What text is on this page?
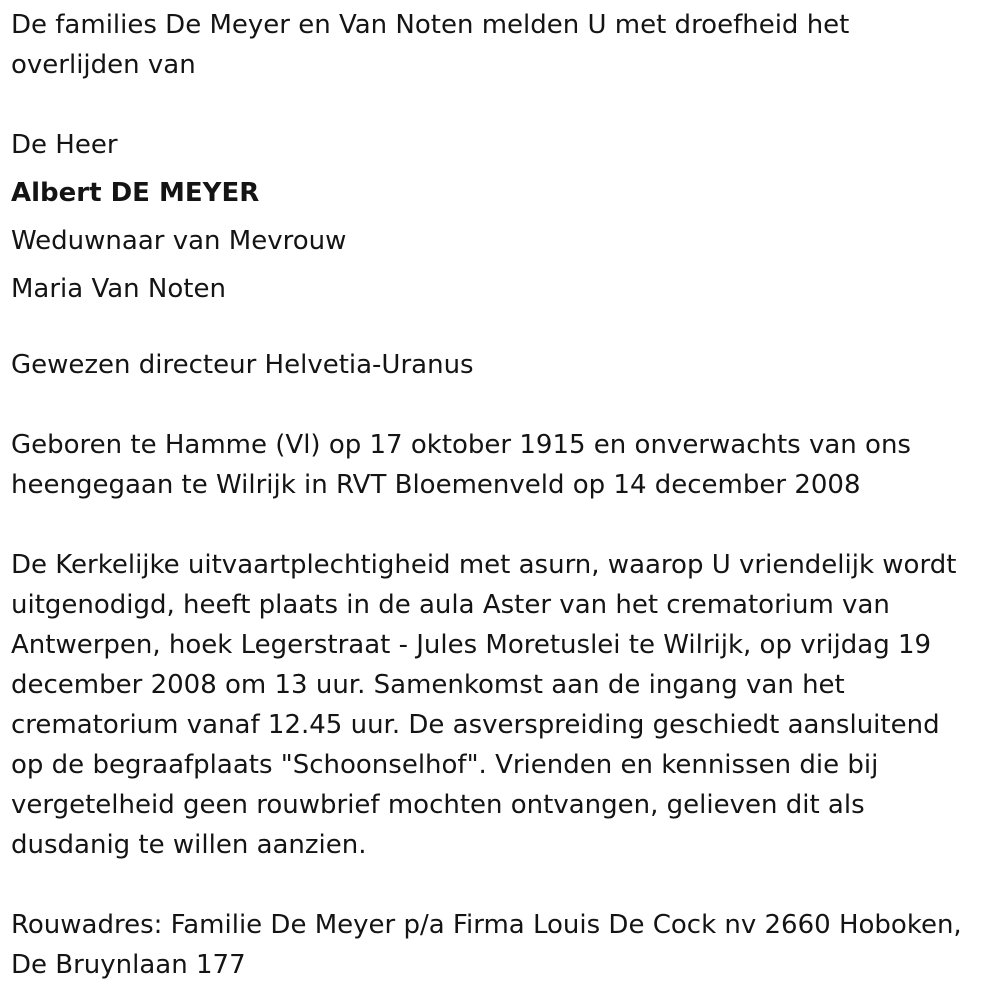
De families De Meyer en Van Noten melden U met droefheid het
overlijden van
De Heer
Albert DE MEYER
Weduwnaar van Mevrouw
Maria Van Noten
Gewezen directeur Helvetia-Uranus
Geboren te Hamme (Vl) op 17 oktober 1915 en onverwachts van ons
heengegaan te Wilrijk in RVT Bloemenveld op 14 december 2008
De Kerkelijke uitvaartplechtigheid met asurn, waarop U vriendelijk wordt
uitgenodigd, heeft plaats in de aula Aster van het crematorium van
Antwerpen, hoek Legerstraat - Jules Moretuslei te Wilrijk, op vrijdag 19
december 2008 om 13 uur. Samenkomst aan de ingang van het
crematorium vanaf 12.45 uur. De asverspreiding geschiedt aansluitend
op de begraafplaats "Schoonselhof". Vrienden en kennissen die bij
vergetelheid geen rouwbrief mochten ontvangen, gelieven dit als
dusdanig te willen aanzien.
Rouwadres: Familie De Meyer p/a Firma Louis De Cock nv 2660 Hoboken,
De Bruynlaan 177
